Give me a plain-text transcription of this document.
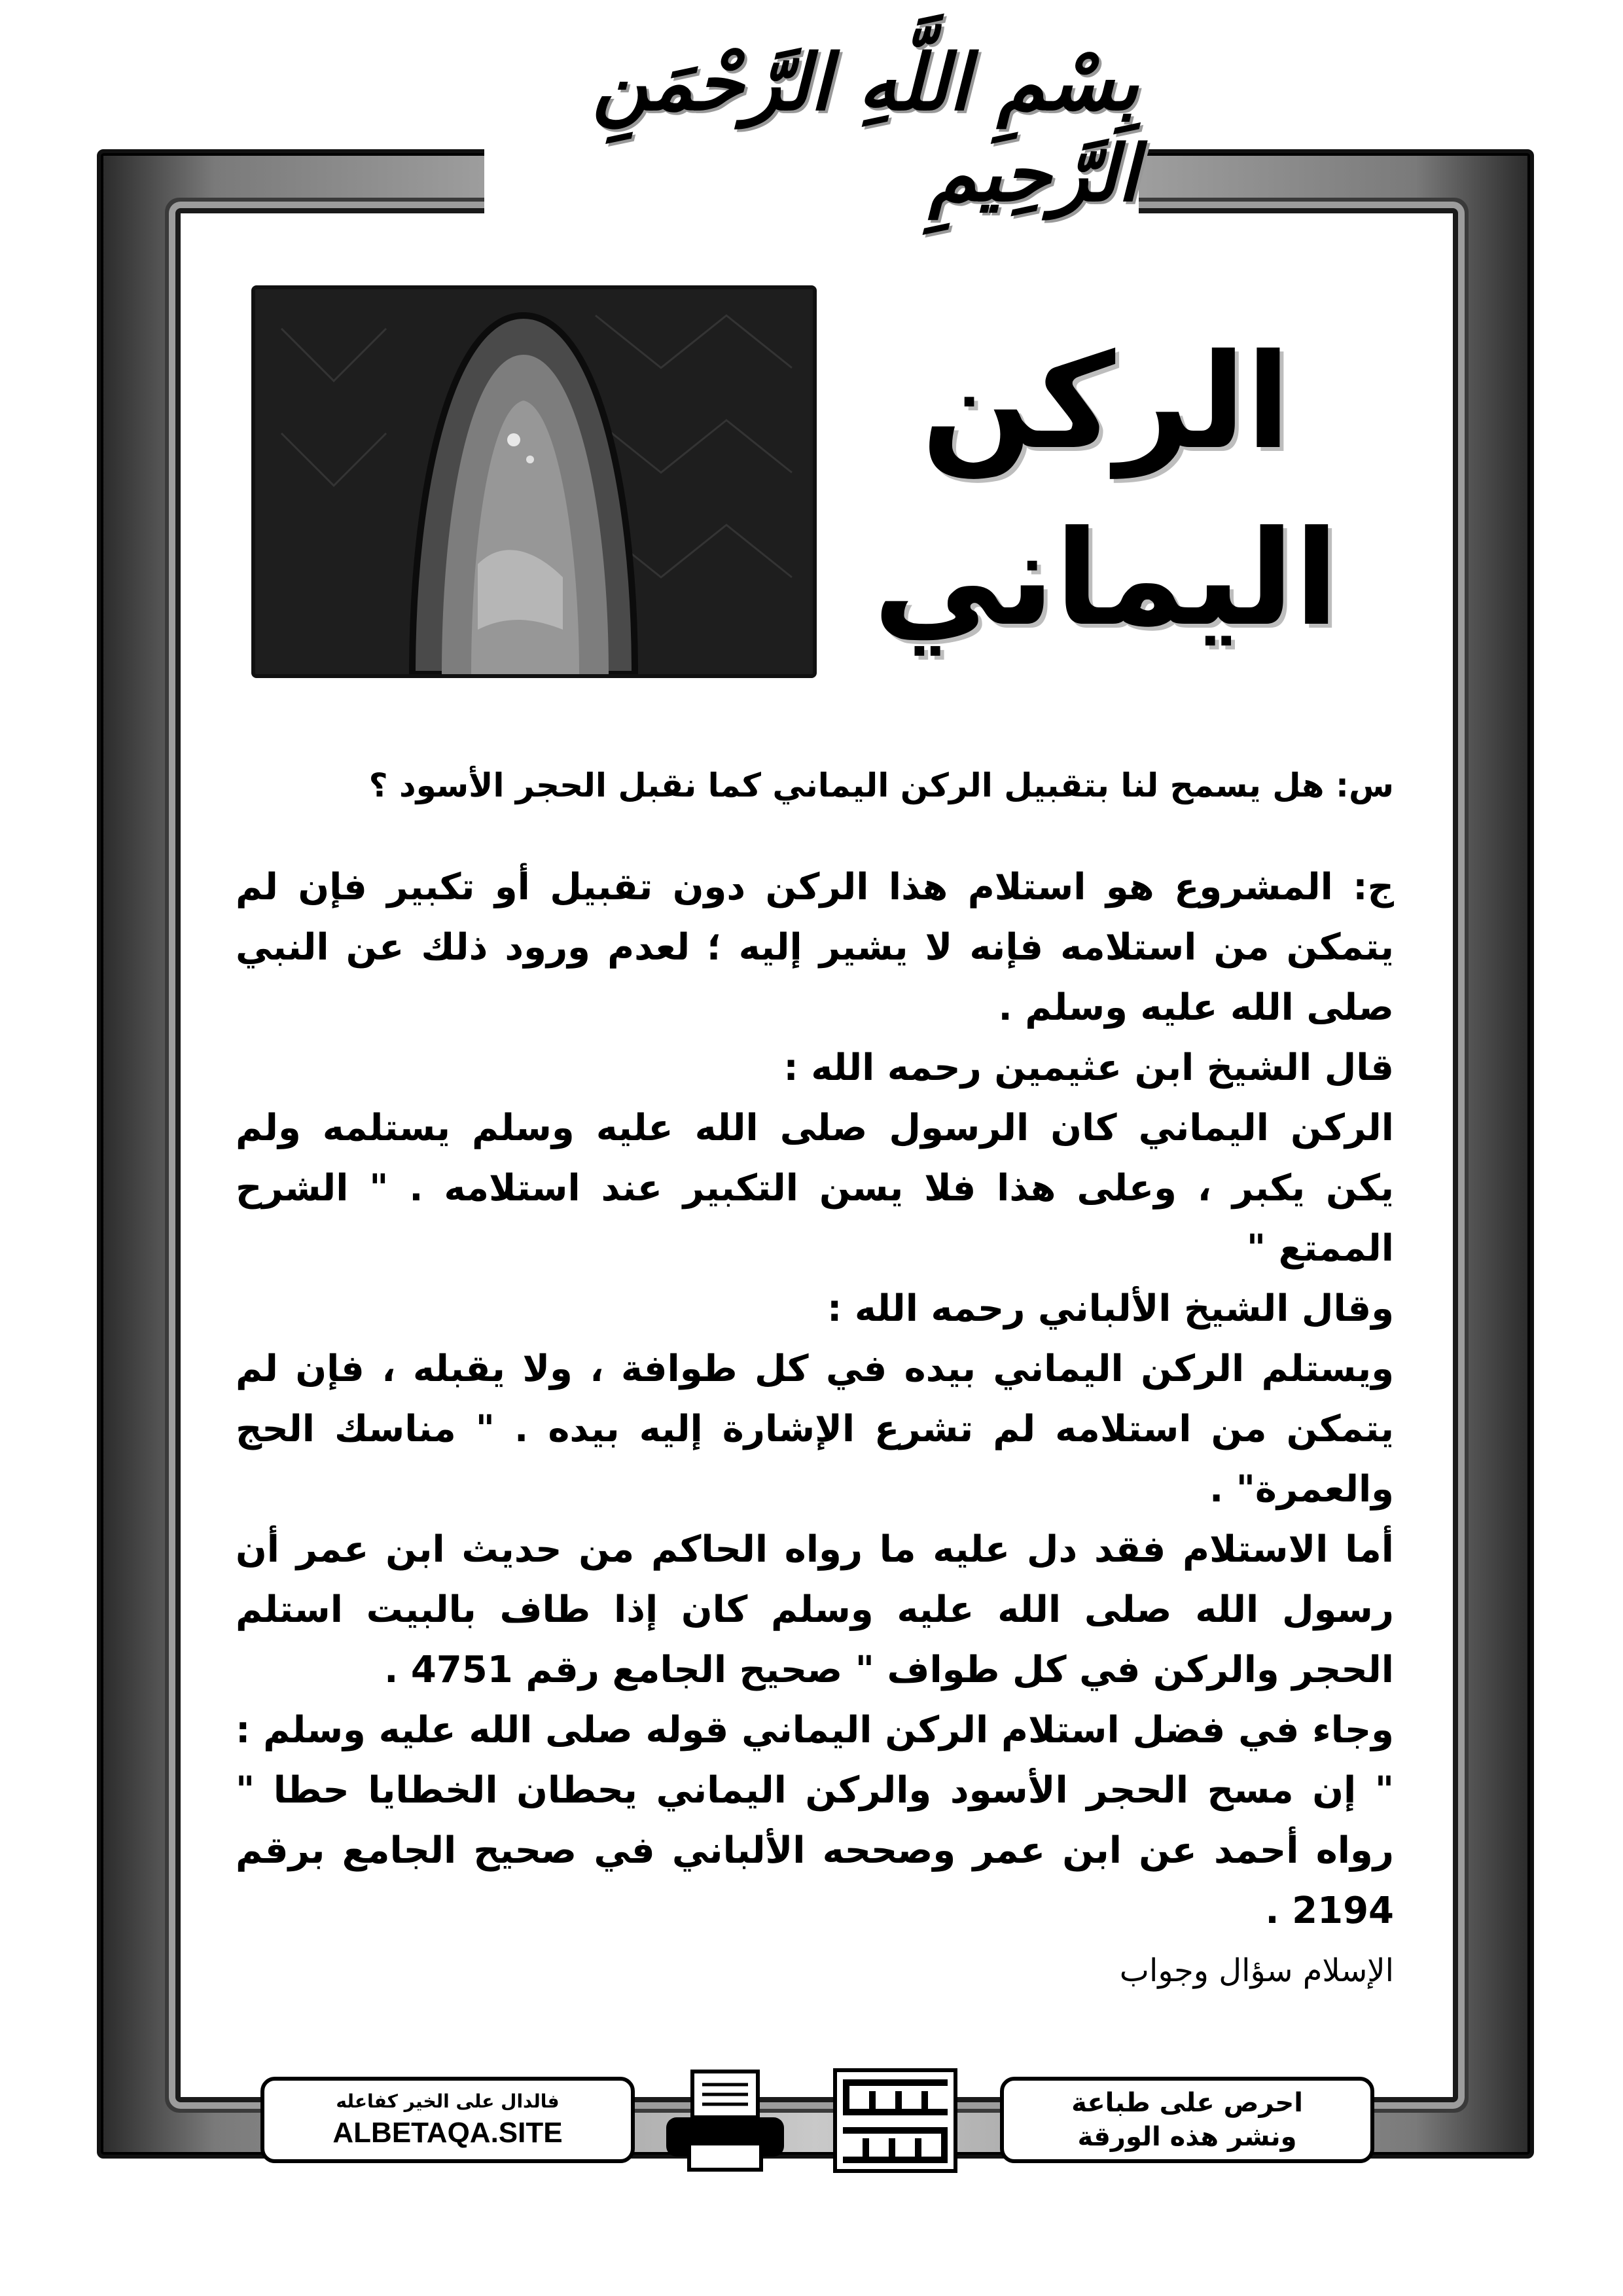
بِسْمِ اللَّهِ الرَّحْمَنِ الرَّحِيمِ
الركن
اليماني

س: هل يسمح لنا بتقبيل الركن اليماني كما نقبل الحجر الأسود ؟

ج: المشروع هو استلام هذا الركن دون تقبيل أو تكبير فإن لم يتمكن من استلامه فإنه لا يشير إليه ؛ لعدم ورود ذلك عن النبي صلى الله عليه وسلم .

قال الشيخ ابن عثيمين رحمه الله :

الركن اليماني كان الرسول صلى الله عليه وسلم يستلمه ولم يكن يكبر ، وعلى هذا فلا يسن التكبير عند استلامه . " الشرح الممتع "

وقال الشيخ الألباني رحمه الله :

ويستلم الركن اليماني بيده في كل طوافة ، ولا يقبله ، فإن لم يتمكن من استلامه لم تشرع الإشارة إليه بيده . " مناسك الحج والعمرة" .

أما الاستلام فقد دل عليه ما رواه الحاكم من حديث ابن عمر أن رسول الله صلى الله عليه وسلم كان إذا طاف بالبيت استلم الحجر والركن في كل طواف " صحيح الجامع رقم 4751 .

وجاء في فضل استلام الركن اليماني قوله صلى الله عليه وسلم : " إن مسح الحجر الأسود والركن اليماني يحطان الخطايا حطا " رواه أحمد عن ابن عمر وصححه الألباني في صحيح الجامع برقم 2194 .

الإسلام سؤال وجواب

فالدال على الخير كفاعله
ALBETAQA.SITE
احرص على طباعة
ونشر هذه الورقة
